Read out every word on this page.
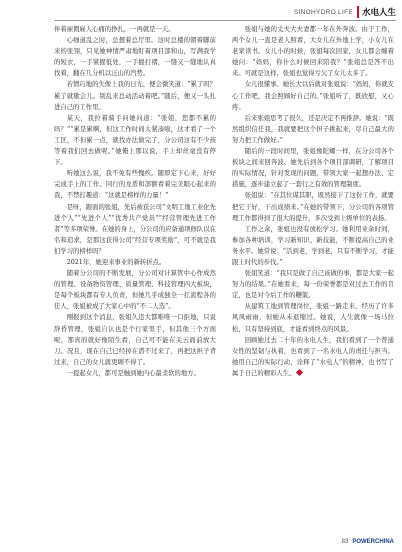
SINOHYDRO LIFE	水电人生

伴着雇佣雇人心痛的挣扎，一再就是一天。

心细道乱之时，总想着总厅里。这时总楼的朝着脚前来的张翎，只见她神情严肃地盯着项目部和山，写满我学的短衣，一手紧握低处，一手握打褶，一缝又一缝地认真找着，翻在几分机以汪山的汽势。

若情巧地的失像上我的日光，便会微笑道：“累了吗？累了就歇会儿。别乱来总动活动着吧。”随后，便又一头扎进自己的工作里。

某天，我拉着骑手问她问道：“张姐，您都不累的吗？”“累是累啊，但这工作时间太紧凑啦，这才看了一个工区，不但累一点，就找办法做完了，分公司这有不少孩等着我们回去做呢。”她俺上那以说，手上却丝毫没有停下。

听她这么说，我不免有些愧疚。随即定下心来，好好完成手上的工作。同行的龙盾和部额看着完美眼心起来的我，不禁打趣道：“这就是榜样的力量！”

是呀，跟面的张姐，先后被获公司“文明工地工业化先进个人”“先进个人”“优秀共产党员”“经营管理先进工作者”等多项荣誉。在她的身上，分公司的应备通项修队以在名和追求，是那这获得公司“经营专项奖励”，可不就是我们学习的榜样吗？

2021年，她迎来事业的新转折点。

随着分公司的不断发展，分公司对计算管中心作成然的管理、设备物资管理、质量管理、科技管理四大板块，是每个板块都有专人负责，但她几乎成独全一扛流程各的任人，张姐被成了大家心中的“不二人选”。

刚报到这个消息，张姐久违大都唯唯一口拒地，只说辞昏管理，张姐自认也是个行家里手，但其他三个方面呢，那真的就好像陌生看，自己可不能在关云面前放大刀。况且，现在自己已经掉在潜不过来了，再把这担子背过来，自己的女儿就更顾不得了。

一提起女儿，都可是触到她内心最柔软的地方。

张姐与她的丈夫大夫妻都一年在外奔波。由于工作，两个女儿一直是老人照看，大女儿在外地上学，小女儿在老家读书。女儿小的时候，张姐每次回家，女儿都会缠着她问：“妈妈，你什么时候回来陪我？”张姐总是答不出来。可就是这样，张姐也觉得亏欠了女儿太多了。

女儿很懂事。她长大以后就对张姐说：“妈妈，你就安心工作吧，我会照顾好自己的。”张姐听了，既欣慰，又心疼。

后来张姐思考了很久，还是决定不再推辞。她说：“既然组织信任我，我就要把这个担子挑起来，尽自己最大的努力把工作做好。”

随后的一段时间里，张姐像陀螺一样，在分公司各个板块之间来回奔波。她先后到各个项目部调研，了解项目的实际情况，针对发现的问题，带领大家一起想办法、定措施，逐步建立起了一套行之有效的管理制度。

张姐说：“在其位谋其职，既然接下了这份工作，就要把它干好，干出成绩来。”在她的带领下，分公司的各项管理工作都得到了很大的提升，多次受到上级单位的表扬。

工作之余，张姐也没有放松学习。她利用业余时间，参加各种培训，学习新知识、新技能，不断提高自己的业务水平。她常说：“活到老，学到老，只有不断学习，才能跟上时代的步伐。”

张姐笑道：“我只是做了自己该做的事，都是大家一起努力的结果。”在她看来，每一份荣誉都是对过去工作的肯定，也是对今后工作的鞭策。

从建筑工地到管理岗位，张姐一路走来，经历了许多风风雨雨，但她从未退缩过。她说，人生就像一场马拉松，只有坚持到底，才能看到终点的风景。

回顾她过去二十年的水电人生，我们看到了一个普通女性的坚韧与执着，也看到了一名水电人的责任与担当。她用自己的实际行动，诠释了“水电人”的精神，也书写了属于自己的精彩人生。

83 POWERCHINA
